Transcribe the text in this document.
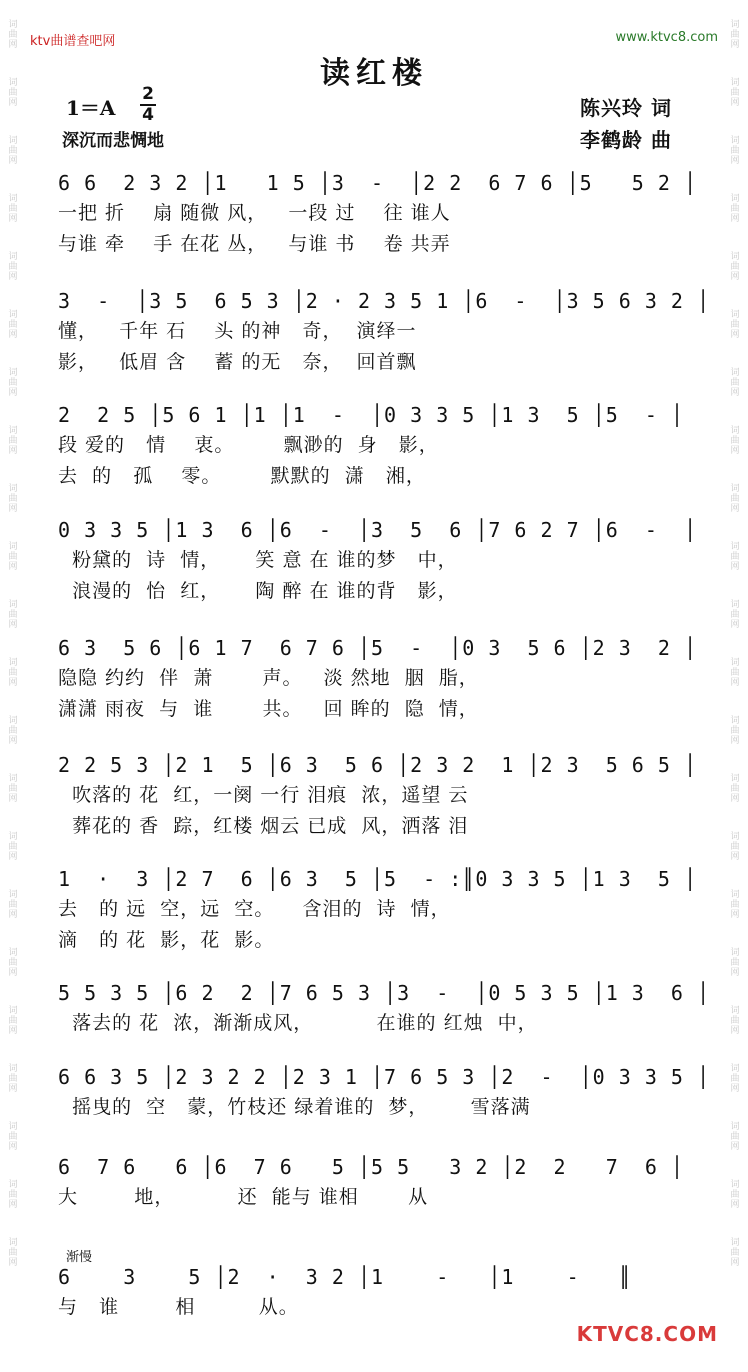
词
曲
网
词
曲
网
词
曲
网
词
曲
网
词
曲
网
词
曲
网
词
曲
网
词
曲
网
词
曲
网
词
曲
网
词
曲
网
词
曲
网
词
曲
网
词
曲
网
词
曲
网
词
曲
网
词
曲
网
词
曲
网
词
曲
网
词
曲
网
词
曲
网
词
曲
网
词
曲
网
词
曲
网
词
曲
网
词
曲
网
词
曲
网
词
曲
网
词
曲
网
词
曲
网
词
曲
网
词
曲
网
词
曲
网
词
曲
网
词
曲
网
词
曲
网
词
曲
网
词
曲
网
词
曲
网
词
曲
网
词
曲
网
词
曲
网
词
曲
网
词
曲
网
ktv曲谱查吧网	www.ktvc8.com
读红楼
1＝A
2
4
深沉而悲惆地
陈兴玲 词
李鹤龄 曲
6 6  2 3 2 │1   1 5 │3  -  │2 2  6 7 6 │5   5 2 │
一把 折    扇 随微 风，   一段 过    往 谁人
与谁 牵    手 在花 丛，   与谁 书    卷 共弄
3  -  │3 5  6 5 3 │2 · 2 3 5 1 │6  -  │3 5 6 3 2 │
懂，   千年 石    头 的神   奇，  演绎一
影，   低眉 含    蓄 的无   奈，  回首飘
2  2 5 │5 6 1 │1 │1  -  │0 3 3 5 │1 3  5 │5  - │
段 爱的   情    衷。       飘渺的  身   影，
去  的   孤    零。       默默的  潇   湘，
0 3 3 5 │1 3  6 │6  -  │3  5  6 │7 6 2 7 │6  -  │
粉黛的  诗  情，     笑 意 在 谁的梦   中，
浪漫的  怡  红，     陶 醉 在 谁的背   影，
6 3  5 6 │6 1 7  6 7 6 │5  -  │0 3  5 6 │2 3  2 │
隐隐 约约  伴  萧       声。   淡 然地  胭  脂，
潇潇 雨夜  与  谁       共。   回 眸的  隐  情，
2 2 5 3 │2 1  5 │6 3  5 6 │2 3 2  1 │2 3  5 6 5 │
吹落的 花  红，一阕 一行 泪痕  浓，遥望 云
葬花的 香  踪，红楼 烟云 已成  风，洒落 泪
1  ·  3 │2 7  6 │6 3  5 │5  - :║0 3 3 5 │1 3  5 │
去   的 远  空，远  空。    含泪的  诗  情，
滴   的 花  影，花  影。
5 5 3 5 │6 2  2 │7 6 5 3 │3  -  │0 5 3 5 │1 3  6 │
落去的 花  浓，渐渐成风，         在谁的 红烛  中，
6 6 3 5 │2 3 2 2 │2 3 1 │7 6 5 3 │2  -  │0 3 3 5 │
摇曳的  空   蒙，竹枝还 绿着谁的  梦，      雪落满
6  7 6   6 │6  7 6   5 │5 5   3 2 │2  2   7  6 │
大        地，         还  能与 谁相       从
6    3    5 │2  ·  3 2 │1    -   │1    -   ║
与   谁        相         从。
渐慢
KTVC8.COM
